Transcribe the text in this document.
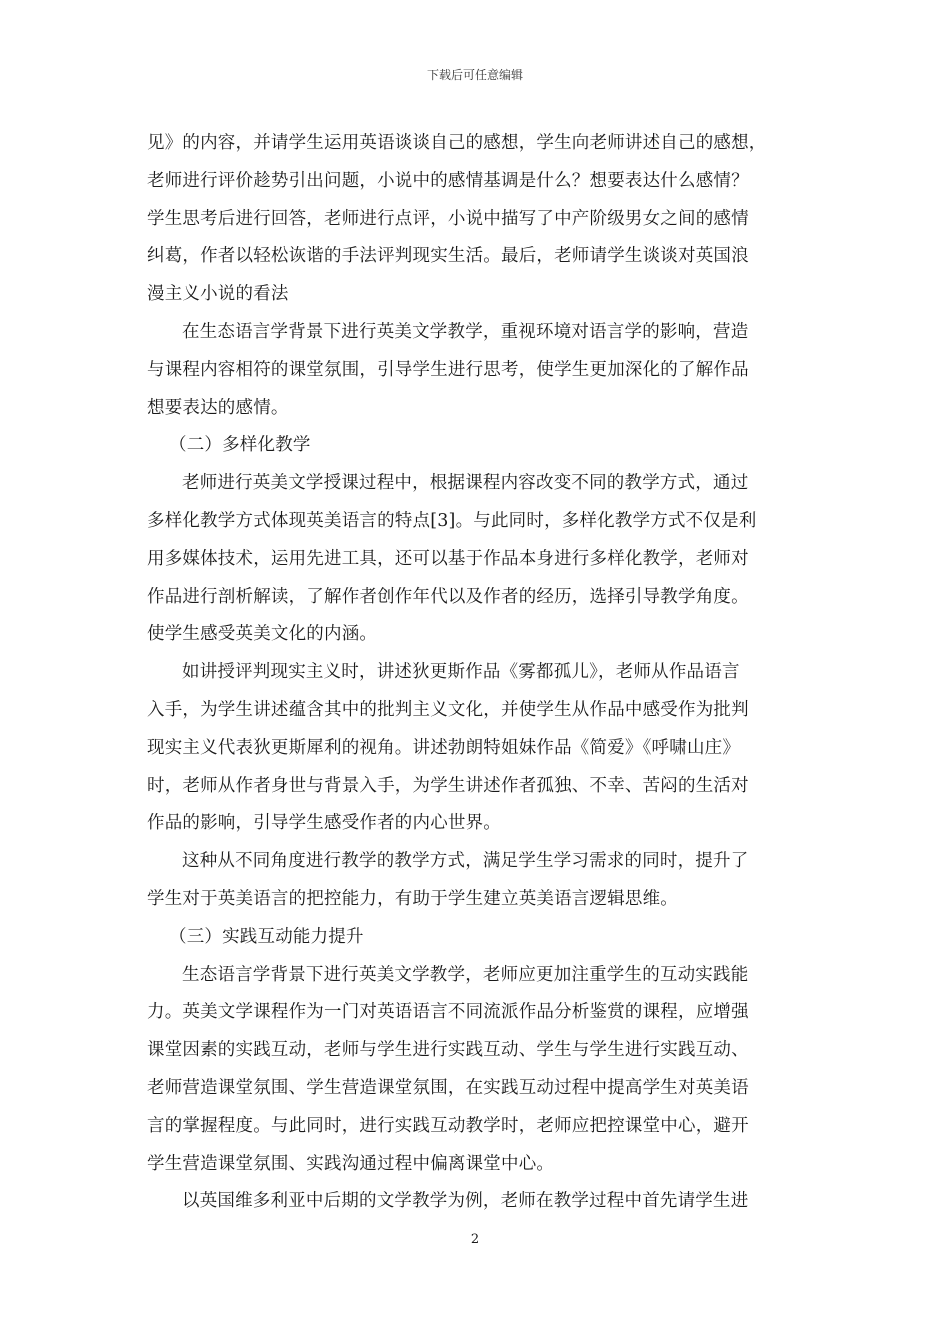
下载后可任意编辑
见》的内容，并请学生运用英语谈谈自己的感想，学生向老师讲述自己的感想，
老师进行评价趁势引出问题，小说中的感情基调是什么？想要表达什么感情？
学生思考后进行回答，老师进行点评，小说中描写了中产阶级男女之间的感情
纠葛，作者以轻松诙谐的手法评判现实生活。最后，老师请学生谈谈对英国浪
漫主义小说的看法
在生态语言学背景下进行英美文学教学，重视环境对语言学的影响，营造
与课程内容相符的课堂氛围，引导学生进行思考，使学生更加深化的了解作品
想要表达的感情。
（二）多样化教学
老师进行英美文学授课过程中，根据课程内容改变不同的教学方式，通过
多样化教学方式体现英美语言的特点[3]。与此同时，多样化教学方式不仅是利
用多媒体技术，运用先进工具，还可以基于作品本身进行多样化教学，老师对
作品进行剖析解读，了解作者创作年代以及作者的经历，选择引导教学角度。
使学生感受英美文化的内涵。
如讲授评判现实主义时，讲述狄更斯作品《雾都孤儿》，老师从作品语言
入手，为学生讲述蕴含其中的批判主义文化，并使学生从作品中感受作为批判
现实主义代表狄更斯犀利的视角。讲述勃朗特姐妹作品《简爱》《呼啸山庄》
时，老师从作者身世与背景入手，为学生讲述作者孤独、不幸、苦闷的生活对
作品的影响，引导学生感受作者的内心世界。
这种从不同角度进行教学的教学方式，满足学生学习需求的同时，提升了
学生对于英美语言的把控能力，有助于学生建立英美语言逻辑思维。
（三）实践互动能力提升
生态语言学背景下进行英美文学教学，老师应更加注重学生的互动实践能
力。英美文学课程作为一门对英语语言不同流派作品分析鉴赏的课程，应增强
课堂因素的实践互动，老师与学生进行实践互动、学生与学生进行实践互动、
老师营造课堂氛围、学生营造课堂氛围，在实践互动过程中提高学生对英美语
言的掌握程度。与此同时，进行实践互动教学时，老师应把控课堂中心，避开
学生营造课堂氛围、实践沟通过程中偏离课堂中心。
以英国维多利亚中后期的文学教学为例，老师在教学过程中首先请学生进
2
